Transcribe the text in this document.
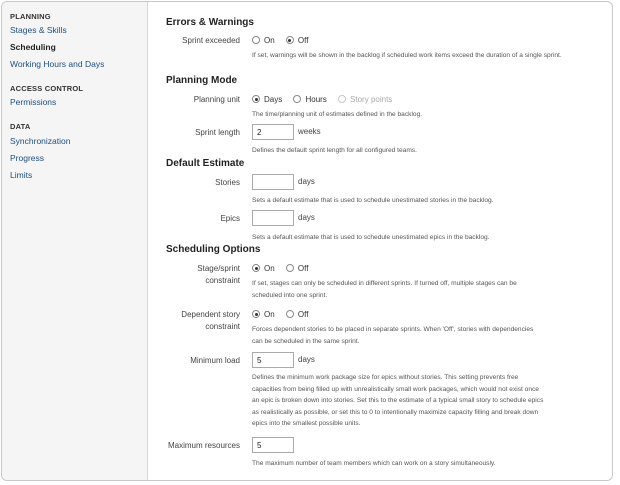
PLANNING
Stages & Skills
Scheduling
Working Hours and Days
ACCESS CONTROL
Permissions
DATA
Synchronization
Progress
Limits
Errors & Warnings
Sprint exceeded	On	Off
If set, warnings will be shown in the backlog if scheduled work items exceed the duration of a single sprint.
Planning Mode
Planning unit	Days	Hours	Story points
The time/planning unit of estimates defined in the backlog.
Sprint length	2	weeks
Defines the default sprint length for all configured teams.
Default Estimate
Stories	days
Sets a default estimate that is used to schedule unestimated stories in the backlog.
Epics	days
Sets a default estimate that is used to schedule unestimated epics in the backlog.
Scheduling Options
Stage/sprint
constraint
On	Off
If set, stages can only be scheduled in different sprints. If turned off, multiple stages can be
scheduled into one sprint.
Dependent story
constraint
On	Off
Forces dependent stories to be placed in separate sprints. When 'Off', stories with dependencies
can be scheduled in the same sprint.
Minimum load	5	days
Defines the minimum work package size for epics without stories. This setting prevents free
capacities from being filled up with unrealistically small work packages, which would not exist once
an epic is broken down into stories. Set this to the estimate of a typical small story to schedule epics
as realistically as possible, or set this to 0 to intentionally maximize capacity filling and break down
epics into the smallest possible units.
Maximum resources	5
The maximum number of team members which can work on a story simultaneously.
